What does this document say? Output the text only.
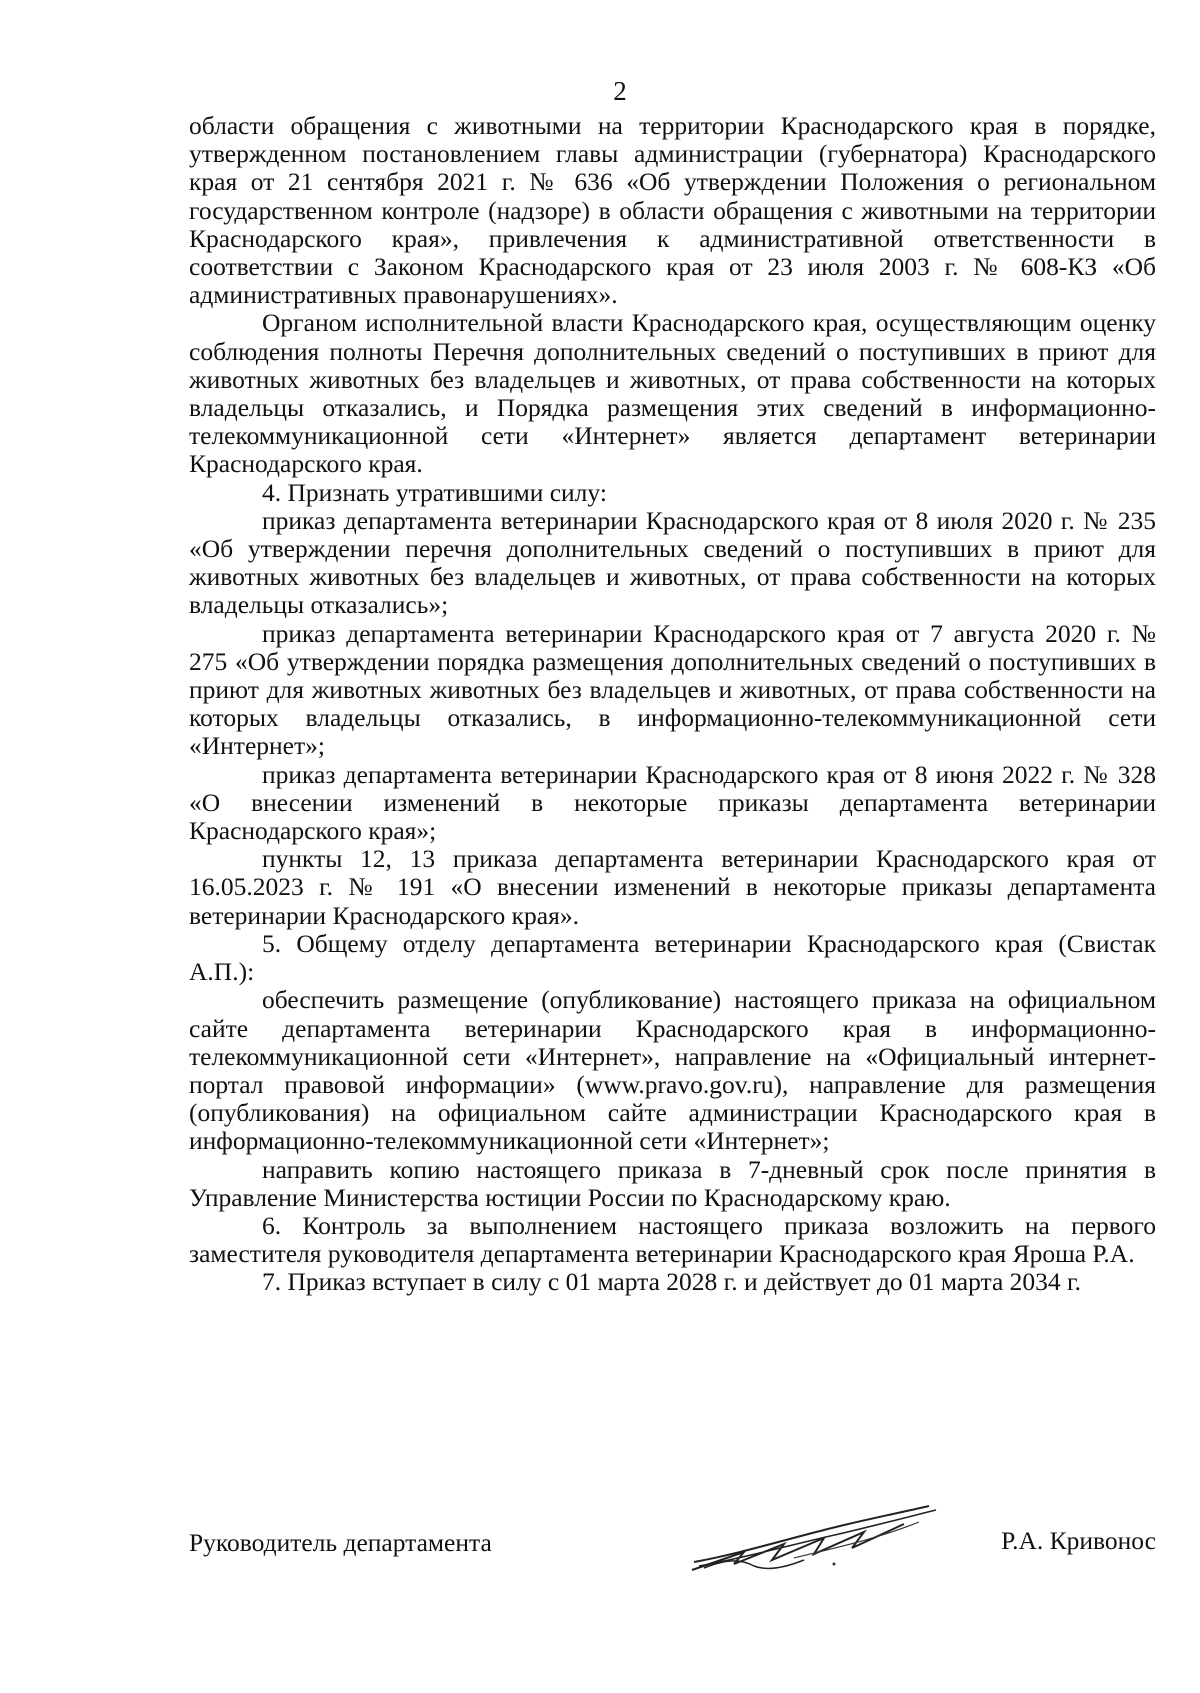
2

области обращения с животными на территории Краснодарского края в порядке, утвержденном постановлением главы администрации (губернатора) Краснодарского края от 21 сентября 2021 г. № 636 «Об утверждении Положения о региональном государственном контроле (надзоре) в области обращения с животными на территории Краснодарского края», привлечения к административной ответственности в соответствии с Законом Краснодарского края от 23 июля 2003 г. № 608-КЗ «Об административных правонарушениях».

Органом исполнительной власти Краснодарского края, осуществляющим оценку соблюдения полноты Перечня дополнительных сведений о поступивших в приют для животных животных без владельцев и животных, от права собственности на которых владельцы отказались, и Порядка размещения этих сведений в информационно-телекоммуникационной сети «Интернет» является департамент ветеринарии Краснодарского края.

4. Признать утратившими силу:

приказ департамента ветеринарии Краснодарского края от 8 июля 2020 г. № 235 «Об утверждении перечня дополнительных сведений о поступивших в приют для животных животных без владельцев и животных, от права собственности на которых владельцы отказались»;

приказ департамента ветеринарии Краснодарского края от 7 августа 2020 г. № 275 «Об утверждении порядка размещения дополнительных сведений о поступивших в приют для животных животных без владельцев и животных, от права собственности на которых владельцы отказались, в информационно-телекоммуникационной сети «Интернет»;

приказ департамента ветеринарии Краснодарского края от 8 июня 2022 г. № 328 «О внесении изменений в некоторые приказы департамента ветеринарии Краснодарского края»;

пункты 12, 13 приказа департамента ветеринарии Краснодарского края от 16.05.2023 г. № 191 «О внесении изменений в некоторые приказы департамента ветеринарии Краснодарского края».

5. Общему отделу департамента ветеринарии Краснодарского края (Свистак А.П.):

обеспечить размещение (опубликование) настоящего приказа на официальном сайте департамента ветеринарии Краснодарского края в информационно-телекоммуникационной сети «Интернет», направление на «Официальный интернет-портал правовой информации» (www.pravo.gov.ru), направление для размещения (опубликования) на официальном сайте администрации Краснодарского края в информационно-телекоммуникационной сети «Интернет»;

направить копию настоящего приказа в 7-дневный срок после принятия в Управление Министерства юстиции России по Краснодарскому краю.

6. Контроль за выполнением настоящего приказа возложить на первого заместителя руководителя департамента ветеринарии Краснодарского края Ярошa Р.А.

7. Приказ вступает в силу с 01 марта 2028 г. и действует до 01 марта 2034 г.

Руководитель департамента	Р.А. Кривонос
